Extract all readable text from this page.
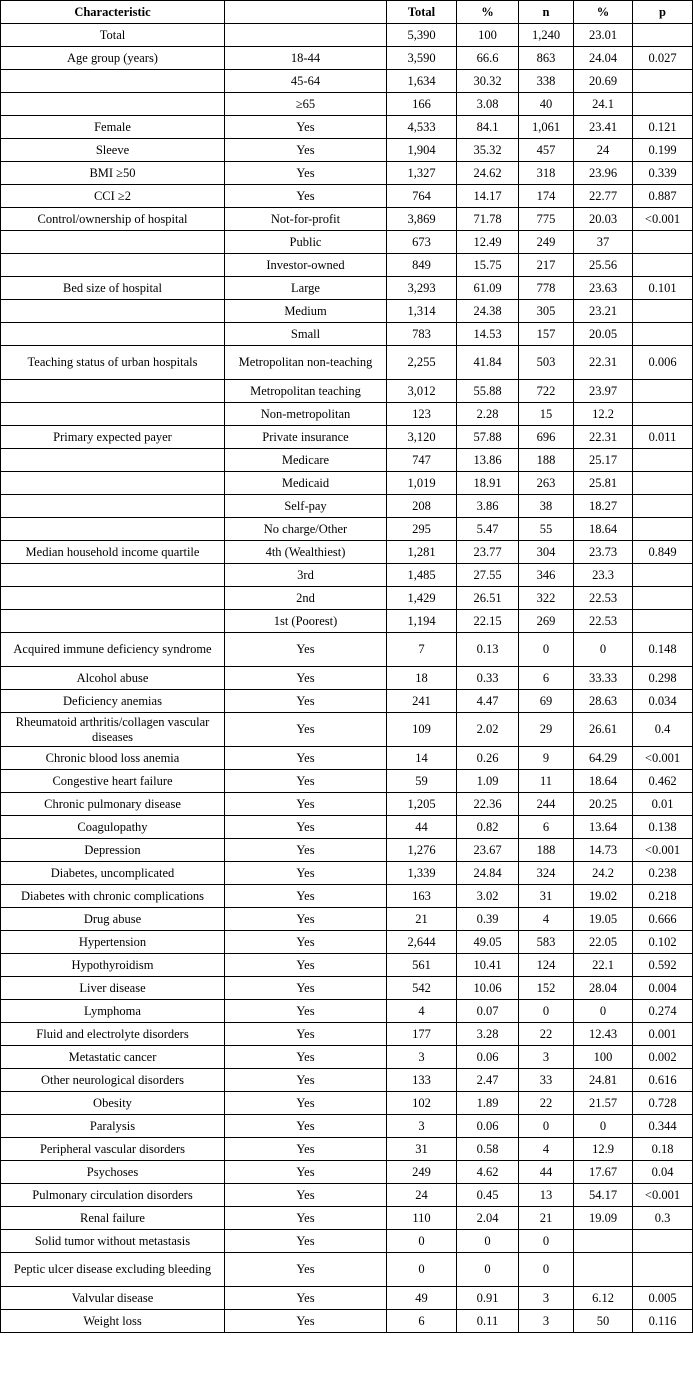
Characteristic		Total	%	n	%	p
Total		5,390	100	1,240	23.01	
Age group (years)	18-44	3,590	66.6	863	24.04	0.027
	45-64	1,634	30.32	338	20.69	
	≥65	166	3.08	40	24.1	
Female	Yes	4,533	84.1	1,061	23.41	0.121
Sleeve	Yes	1,904	35.32	457	24	0.199
BMI ≥50	Yes	1,327	24.62	318	23.96	0.339
CCI ≥2	Yes	764	14.17	174	22.77	0.887
Control/ownership of hospital	Not-for-profit	3,869	71.78	775	20.03	<0.001
	Public	673	12.49	249	37	
	Investor-owned	849	15.75	217	25.56	
Bed size of hospital	Large	3,293	61.09	778	23.63	0.101
	Medium	1,314	24.38	305	23.21	
	Small	783	14.53	157	20.05	
Teaching status of urban hospitals	Metropolitan non-teaching	2,255	41.84	503	22.31	0.006
	Metropolitan teaching	3,012	55.88	722	23.97	
	Non-metropolitan	123	2.28	15	12.2	
Primary expected payer	Private insurance	3,120	57.88	696	22.31	0.011
	Medicare	747	13.86	188	25.17	
	Medicaid	1,019	18.91	263	25.81	
	Self-pay	208	3.86	38	18.27	
	No charge/Other	295	5.47	55	18.64	
Median household income quartile	4th (Wealthiest)	1,281	23.77	304	23.73	0.849
	3rd	1,485	27.55	346	23.3	
	2nd	1,429	26.51	322	22.53	
	1st (Poorest)	1,194	22.15	269	22.53	
Acquired immune deficiency syndrome	Yes	7	0.13	0	0	0.148
Alcohol abuse	Yes	18	0.33	6	33.33	0.298
Deficiency anemias	Yes	241	4.47	69	28.63	0.034
Rheumatoid arthritis/collagen vascular diseases	Yes	109	2.02	29	26.61	0.4
Chronic blood loss anemia	Yes	14	0.26	9	64.29	<0.001
Congestive heart failure	Yes	59	1.09	11	18.64	0.462
Chronic pulmonary disease	Yes	1,205	22.36	244	20.25	0.01
Coagulopathy	Yes	44	0.82	6	13.64	0.138
Depression	Yes	1,276	23.67	188	14.73	<0.001
Diabetes, uncomplicated	Yes	1,339	24.84	324	24.2	0.238
Diabetes with chronic complications	Yes	163	3.02	31	19.02	0.218
Drug abuse	Yes	21	0.39	4	19.05	0.666
Hypertension	Yes	2,644	49.05	583	22.05	0.102
Hypothyroidism	Yes	561	10.41	124	22.1	0.592
Liver disease	Yes	542	10.06	152	28.04	0.004
Lymphoma	Yes	4	0.07	0	0	0.274
Fluid and electrolyte disorders	Yes	177	3.28	22	12.43	0.001
Metastatic cancer	Yes	3	0.06	3	100	0.002
Other neurological disorders	Yes	133	2.47	33	24.81	0.616
Obesity	Yes	102	1.89	22	21.57	0.728
Paralysis	Yes	3	0.06	0	0	0.344
Peripheral vascular disorders	Yes	31	0.58	4	12.9	0.18
Psychoses	Yes	249	4.62	44	17.67	0.04
Pulmonary circulation disorders	Yes	24	0.45	13	54.17	<0.001
Renal failure	Yes	110	2.04	21	19.09	0.3
Solid tumor without metastasis	Yes	0	0	0		
Peptic ulcer disease excluding bleeding	Yes	0	0	0		
Valvular disease	Yes	49	0.91	3	6.12	0.005
Weight loss	Yes	6	0.11	3	50	0.116
